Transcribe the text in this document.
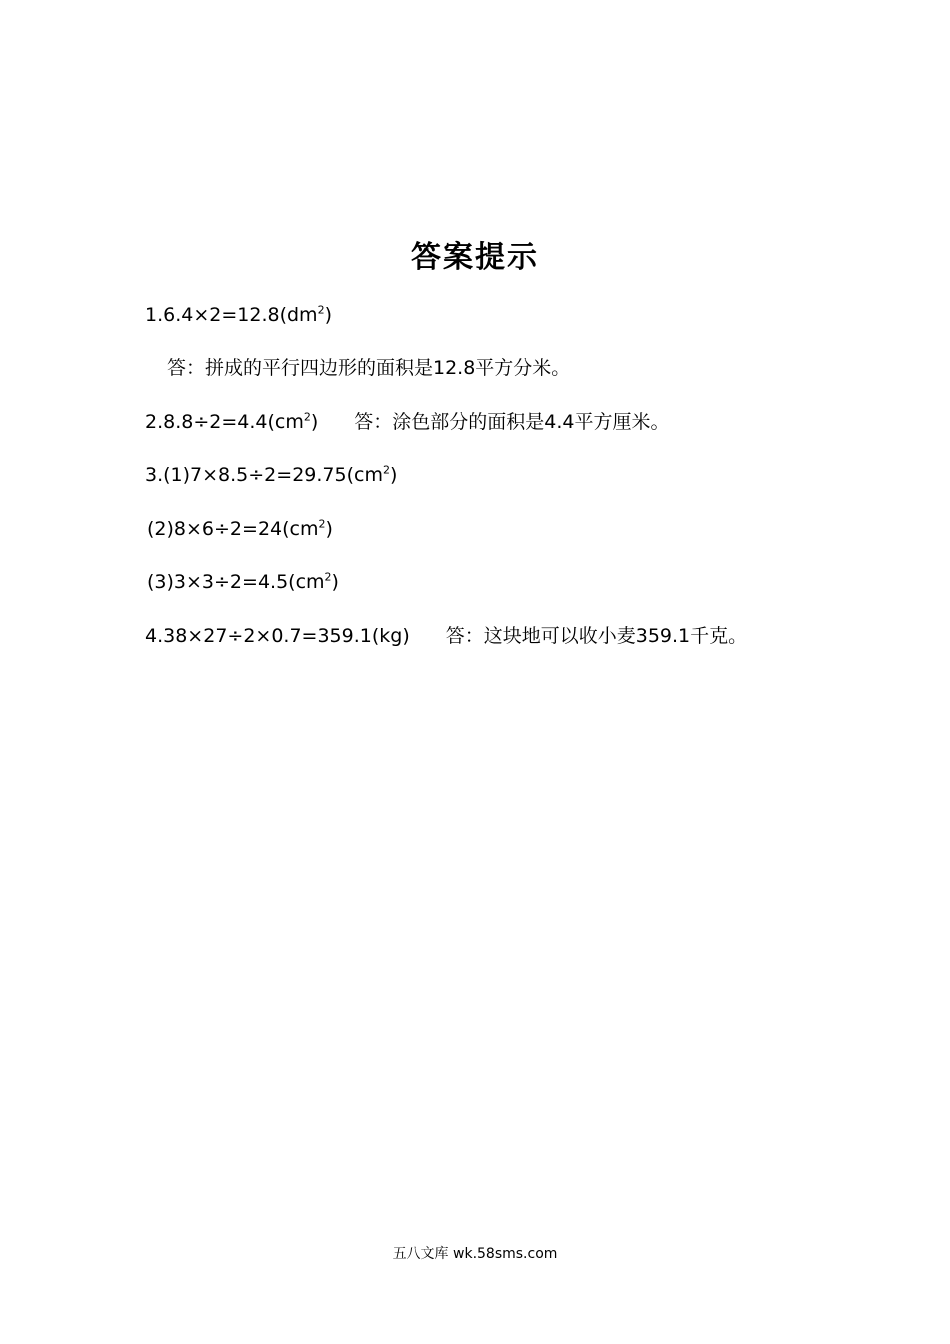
答案提示
$1.6.4\times 2=12.8(dm^2)$
答：拼成的平行四边形的面积是12.8平方分米。
$2.8.8\div 2=4.4(cm^2)$ 答：涂色部分的面积是4.4平方厘米。
$3.(1)7\times 8.5\div 2=29.75(cm^2)$
$(2)8\times 6\div 2=24(cm^2)$
$(3)3\times 3\div 2=4.5(cm^2)$
4.38×27÷2×0.7=359.1(kg) 答：这块地可以收小麦359.1千克。
五八文库 wk.58sms.com
